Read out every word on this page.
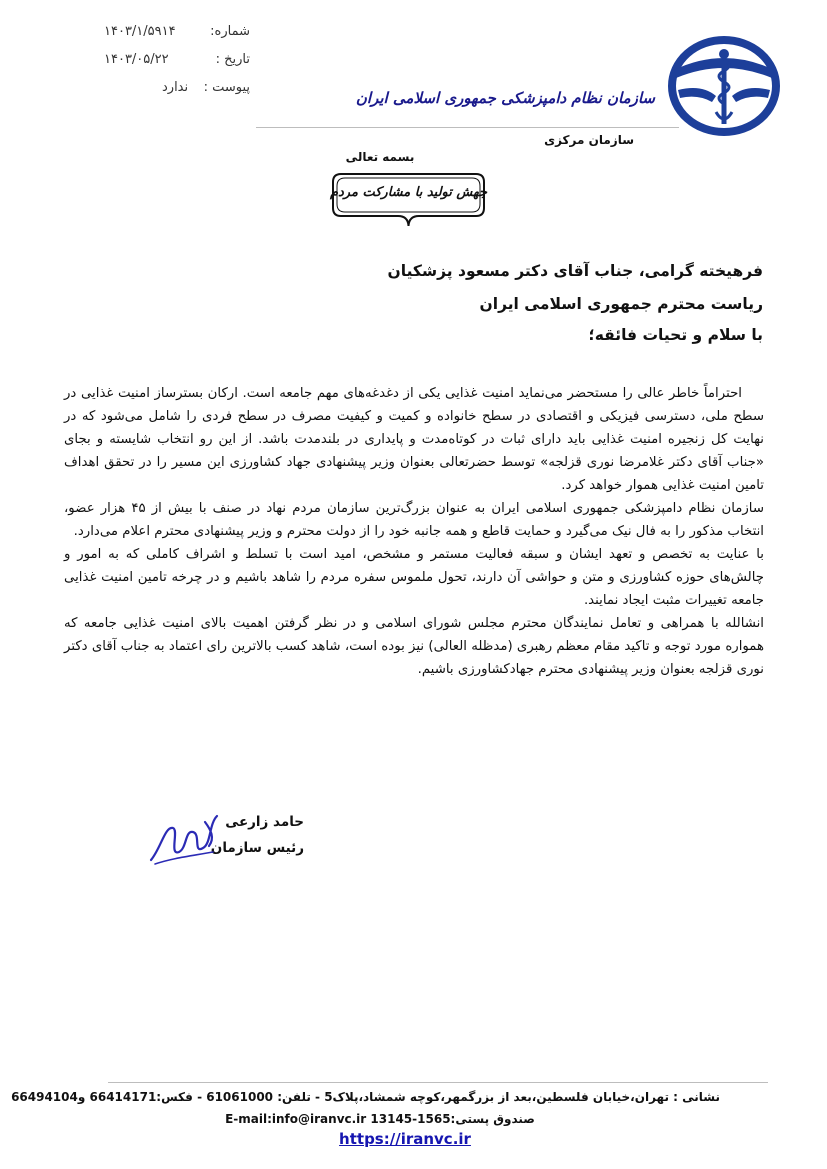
شماره:
۱۴۰۳/۱/۵۹۱۴
تاریخ :
۱۴۰۳/۰۵/۲۲
پیوست :
ندارد
سازمان نظام دامپزشکی جمهوری اسلامی ایران
سازمان مرکزی
بسمه تعالی
جهش تولید با مشارکت مردم
فرهیخته گرامی، جناب آقای دکتر مسعود پزشکیان
ریاست محترم جمهوری اسلامی ایران
با سلام و تحیات فائقه؛

احتراماً خاطر عالی را مستحضر می‌نماید امنیت غذایی یکی از دغدغه‌های مهم جامعه است. ارکان بسترساز امنیت غذایی در سطح ملی، دسترسی فیزیکی و اقتصادی در سطح خانواده و کمیت و کیفیت مصرف در سطح فردی را شامل می‌شود که در نهایت کل زنجیره امنیت غذایی باید دارای ثبات در کوتاه‌مدت و پایداری در بلندمدت باشد. از این رو انتخاب شایسته و بجای «جناب آقای دکتر غلامرضا نوری قزلجه» توسط حضرتعالی بعنوان وزیر پیشنهادی جهاد کشاورزی این مسیر را در تحقق اهداف تامین امنیت غذایی هموار خواهد کرد.

سازمان نظام دامپزشکی جمهوری اسلامی ایران به عنوان بزرگ‌ترین سازمان مردم نهاد در صنف با بیش از ۴۵ هزار عضو، انتخاب مذکور را به فال نیک می‌گیرد و حمایت قاطع و همه جانبه خود را از دولت محترم و وزیر پیشنهادی محترم اعلام می‌دارد.

با عنایت به تخصص و تعهد ایشان و سبقه فعالیت مستمر و مشخص، امید است با تسلط و اشراف کاملی که به امور و چالش‌های حوزه کشاورزی و متن و حواشی آن دارند، تحول ملموس سفره مردم را شاهد باشیم و در چرخه تامین امنیت غذایی جامعه تغییرات مثبت ایجاد نمایند.

انشالله با همراهی و تعامل نمایندگان محترم مجلس شورای اسلامی و در نظر گرفتن اهمیت بالای امنیت غذایی جامعه که همواره مورد توجه و تاکید مقام معظم رهبری (مدظله العالی) نیز بوده است، شاهد کسب بالاترین رای اعتماد به جناب آقای دکتر نوری قزلجه بعنوان وزیر پیشنهادی محترم جهادکشاورزی باشیم.

حامد زارعی
رئیس سازمان
نشانی : تهران،خیابان فلسطین،بعد از بزرگمهر،کوچه شمشاد،پلاک5 - تلفن: 61061000 - فکس:66414171 و66494104
صندوق پستی:1565-13145 E-mail:info@iranvc.ir
https://iranvc.ir
